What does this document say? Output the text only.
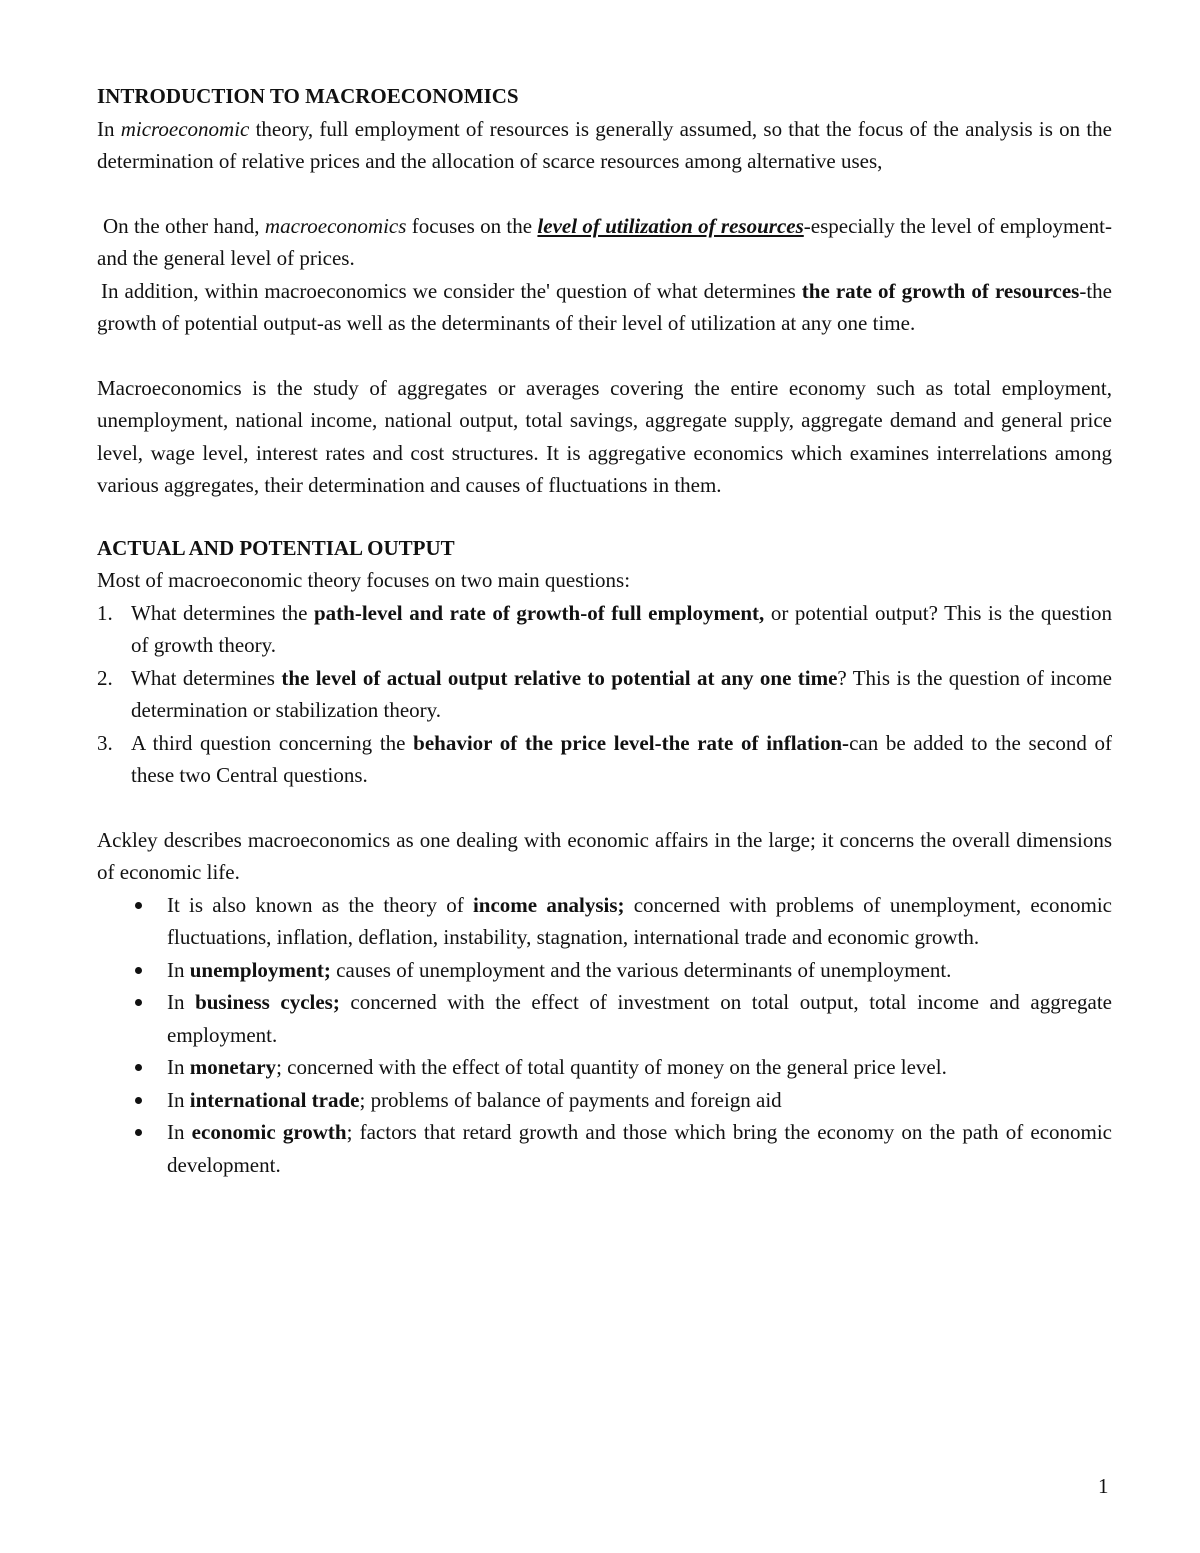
INTRODUCTION TO MACROECONOMICS

In microeconomic theory, full employment of resources is generally assumed, so that the focus of the analysis is on the determination of relative prices and the allocation of scarce resources among alternative uses,

On the other hand, macroeconomics focuses on the level of utilization of resources-especially the level of employment-and the general level of prices.

In addition, within macroeconomics we consider the' question of what determines the rate of growth of resources-the growth of potential output-as well as the determinants of their level of utilization at any one time.

Macroeconomics is the study of aggregates or averages covering the entire economy such as total employment, unemployment, national income, national output, total savings, aggregate supply, aggregate demand and general price level, wage level, interest rates and cost structures. It is aggregative economics which examines interrelations among various aggregates, their determination and causes of fluctuations in them.

ACTUAL AND POTENTIAL OUTPUT

Most of macroeconomic theory focuses on two main questions:

1. What determines the path-level and rate of growth-of full employment, or potential output? This is the question of growth theory.
2. What determines the level of actual output relative to potential at any one time? This is the question of income determination or stabilization theory.
3. A third question concerning the behavior of the price level-the rate of inflation-can be added to the second of these two Central questions.

Ackley describes macroeconomics as one dealing with economic affairs in the large; it concerns the overall dimensions of economic life.

It is also known as the theory of income analysis; concerned with problems of unemployment, economic fluctuations, inflation, deflation, instability, stagnation, international trade and economic growth.
In unemployment; causes of unemployment and the various determinants of unemployment.
In business cycles; concerned with the effect of investment on total output, total income and aggregate employment.
In monetary; concerned with the effect of total quantity of money on the general price level.
In international trade; problems of balance of payments and foreign aid
In economic growth; factors that retard growth and those which bring the economy on the path of economic development.
1
